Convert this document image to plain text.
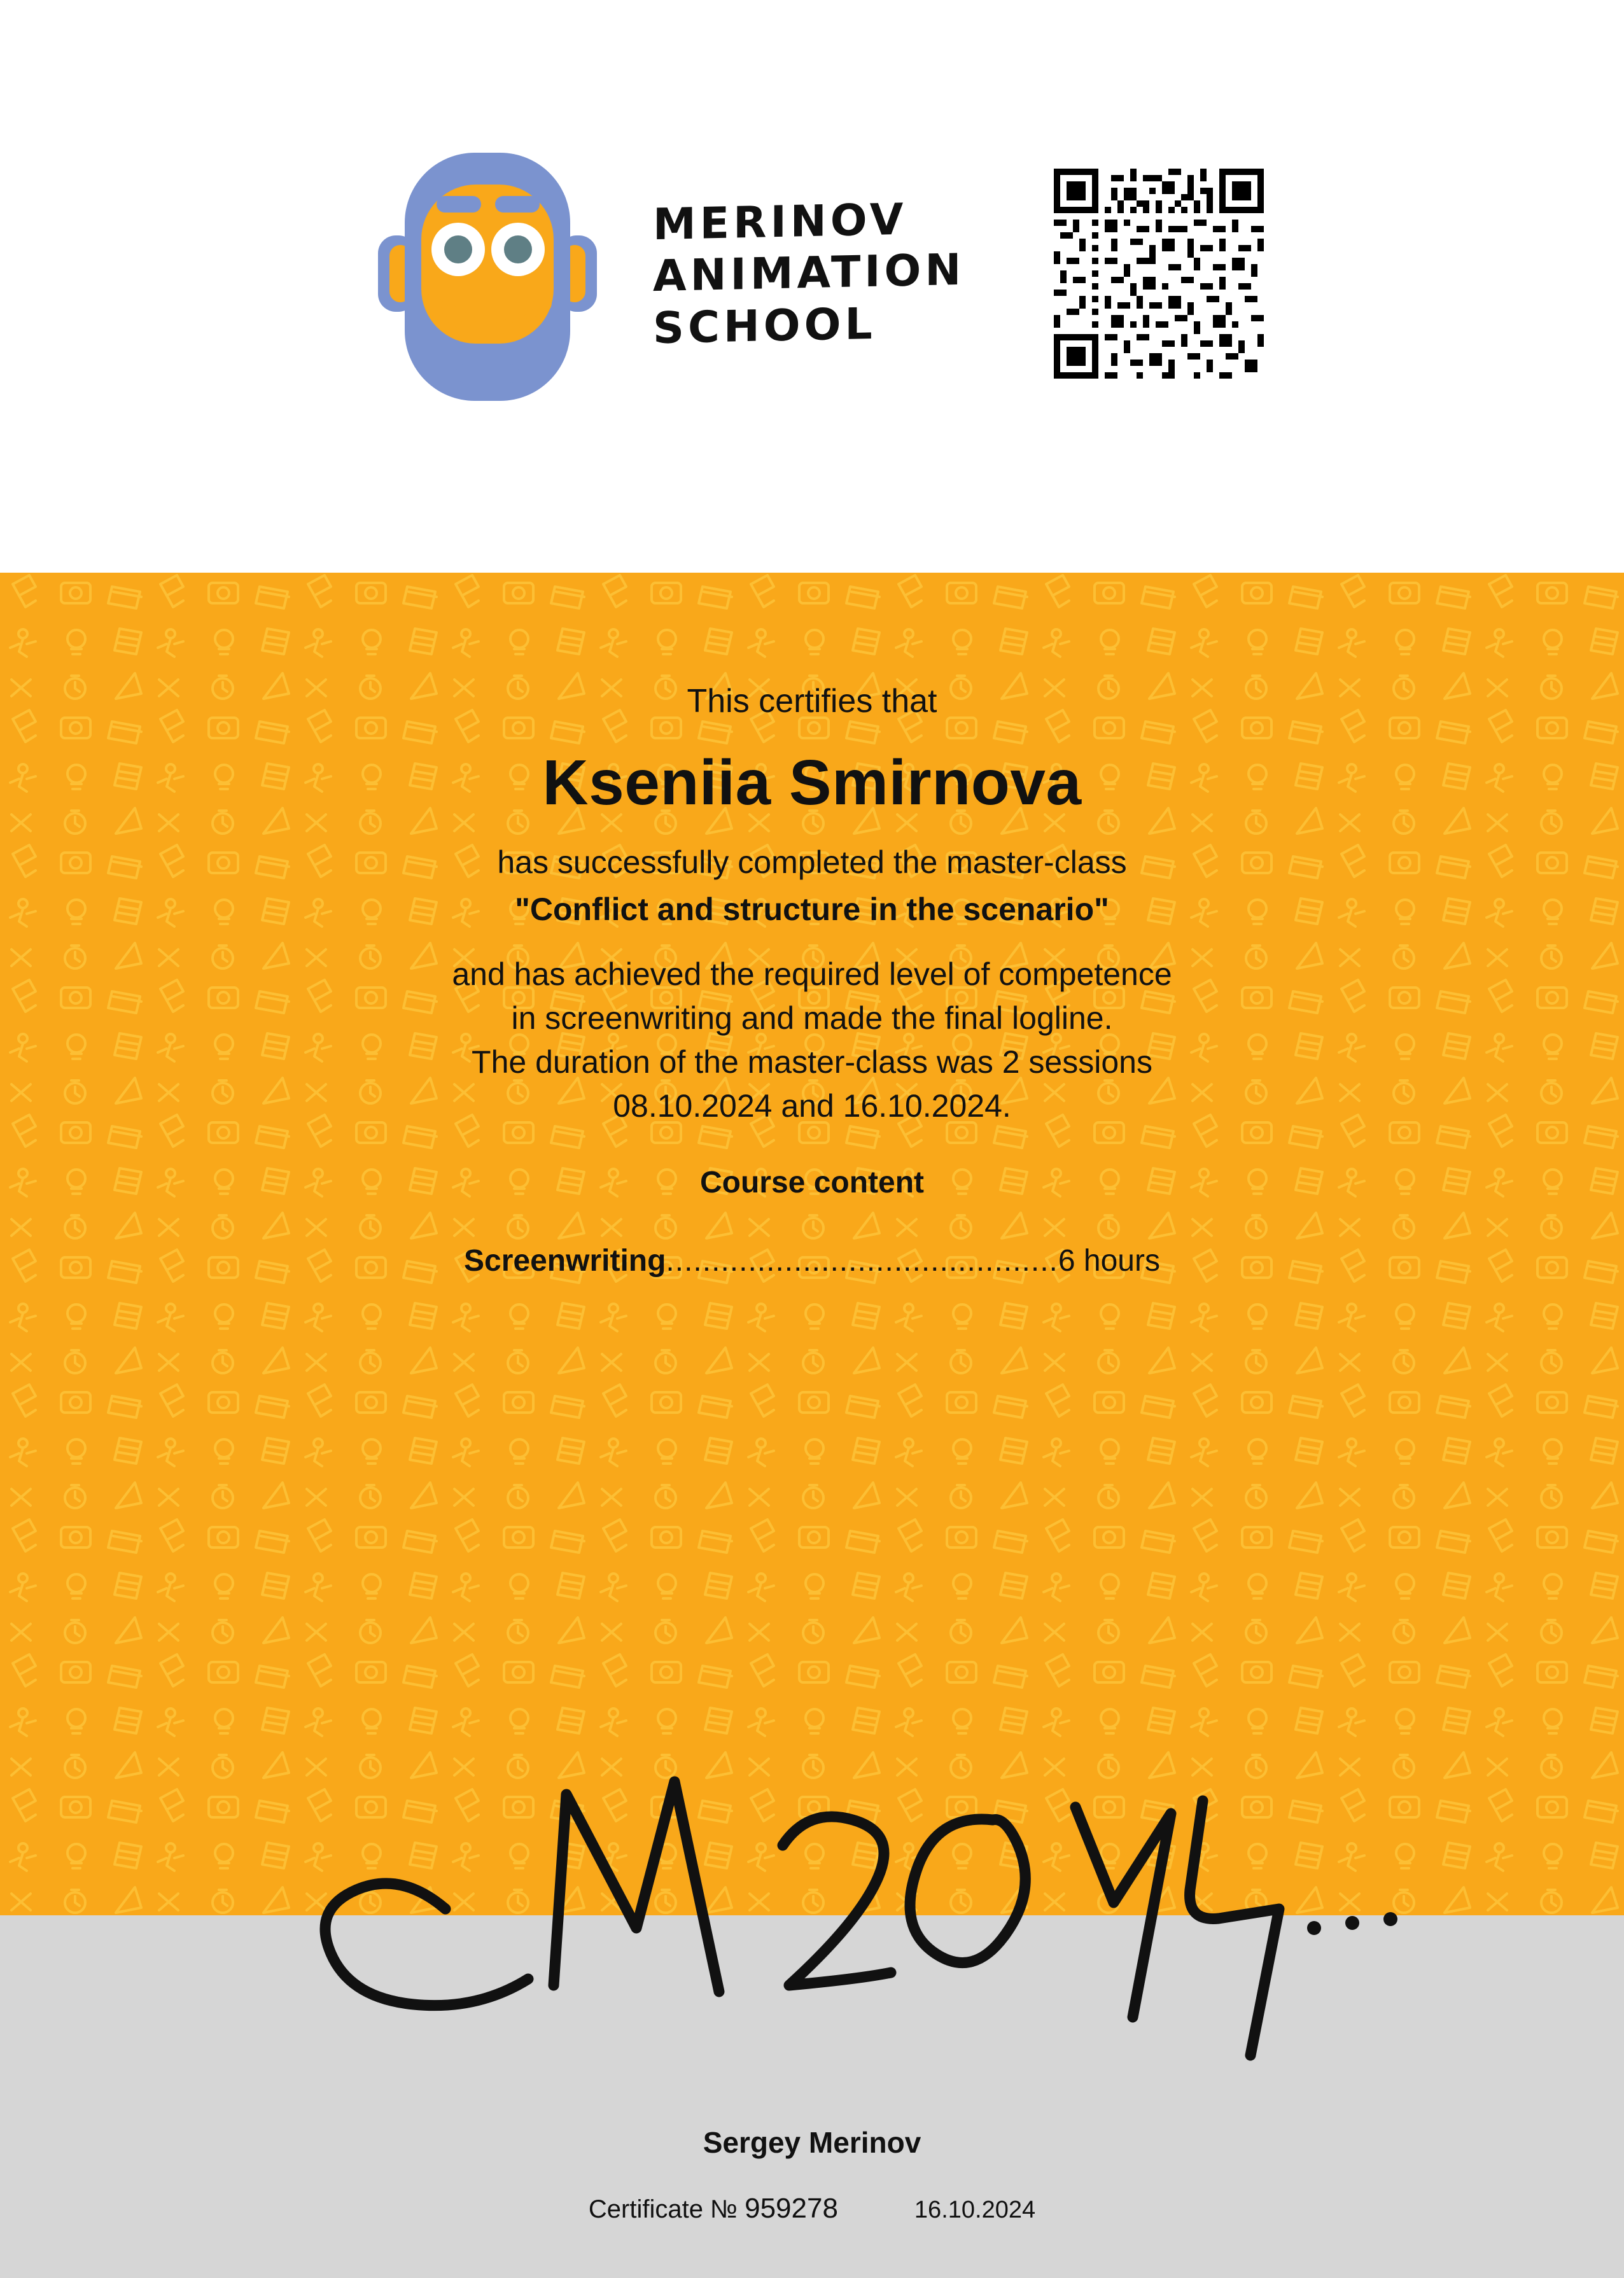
MERINOV
ANIMATION
SCHOOL
This certifies that
Kseniia Smirnova
has successfully completed the master-class
"Conflict and structure in the scenario"
and has achieved the required level of competence
in screenwriting and made the final logline.
The duration of the master-class was 2 sessions
08.10.2024 and 16.10.2024.
Course content
Screenwriting ........................................... 6 hours
Sergey Merinov
Certificate № 959278	16.10.2024
